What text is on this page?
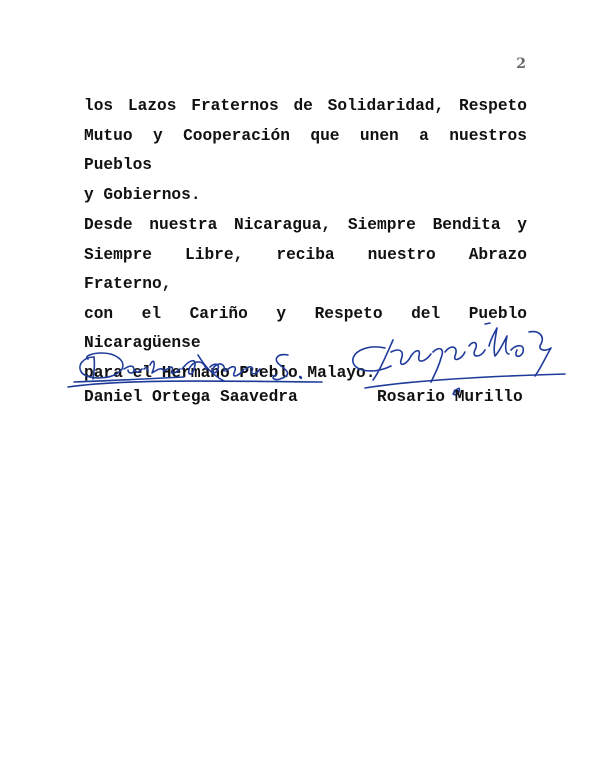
2

los Lazos Fraternos de Solidaridad, Respeto
Mutuo y Cooperación que unen a nuestros Pueblos
y Gobiernos.

Desde nuestra Nicaragua, Siempre Bendita y
Siempre Libre, reciba nuestro Abrazo Fraterno,
con el Cariño y Respeto del Pueblo Nicaragüense
para el Hermano Pueblo Malayo.

Daniel Ortega Saavedra	Rosario Murillo
